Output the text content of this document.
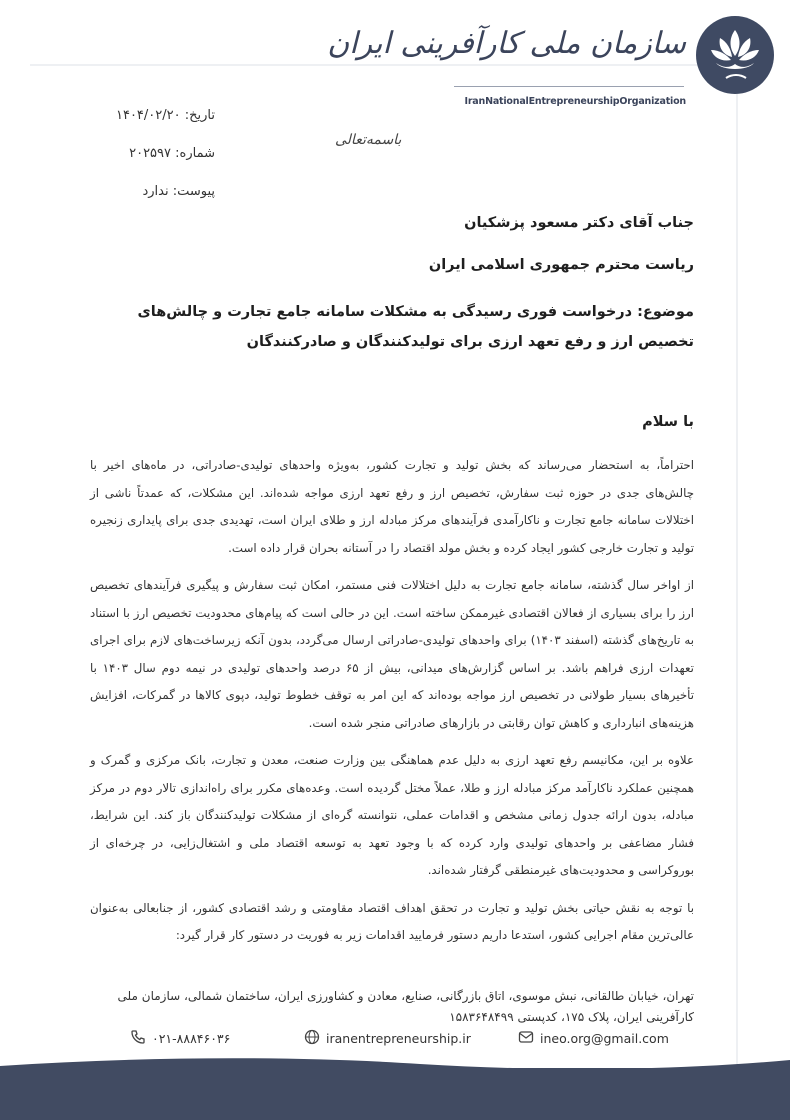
سازمان ملی کارآفرینی ایران
IranNationalEntrepreneurshipOrganization
تاریخ: ۱۴۰۴/۰۲/۲۰
شماره: ۲۰۲۵۹۷
پیوست: ندارد
باسمه‌تعالی
جناب آقای دکتر مسعود پزشکیان
ریاست محترم جمهوری اسلامی ایران
موضوع: درخواست فوری رسیدگی به مشکلات سامانه جامع تجارت و چالش‌های تخصیص ارز و رفع تعهد ارزی برای تولیدکنندگان و صادرکنندگان
با سلام

احتراماً، به استحضار می‌رساند که بخش تولید و تجارت کشور، به‌ویژه واحدهای تولیدی-صادراتی، در ماه‌های اخیر با چالش‌های جدی در حوزه ثبت سفارش، تخصیص ارز و رفع تعهد ارزی مواجه شده‌اند. این مشکلات، که عمدتاً ناشی از اختلالات سامانه جامع تجارت و ناکارآمدی فرآیندهای مرکز مبادله ارز و طلای ایران است، تهدیدی جدی برای پایداری زنجیره تولید و تجارت خارجی کشور ایجاد کرده و بخش مولد اقتصاد را در آستانه بحران قرار داده است.

از اواخر سال گذشته، سامانه جامع تجارت به دلیل اختلالات فنی مستمر، امکان ثبت سفارش و پیگیری فرآیندهای تخصیص ارز را برای بسیاری از فعالان اقتصادی غیرممکن ساخته است. این در حالی است که پیام‌های محدودیت تخصیص ارز با استناد به تاریخ‌های گذشته (اسفند ۱۴۰۳) برای واحدهای تولیدی-صادراتی ارسال می‌گردد، بدون آنکه زیرساخت‌های لازم برای اجرای تعهدات ارزی فراهم باشد. بر اساس گزارش‌های میدانی، بیش از ۶۵ درصد واحدهای تولیدی در نیمه دوم سال ۱۴۰۳ با تأخیرهای بسیار طولانی در تخصیص ارز مواجه بوده‌اند که این امر به توقف خطوط تولید، دپوی کالاها در گمرکات، افزایش هزینه‌های انبارداری و کاهش توان رقابتی در بازارهای صادراتی منجر شده است.

علاوه بر این، مکانیسم رفع تعهد ارزی به دلیل عدم هماهنگی بین وزارت صنعت، معدن و تجارت، بانک مرکزی و گمرک و همچنین عملکرد ناکارآمد مرکز مبادله ارز و طلا، عملاً مختل گردیده است. وعده‌های مکرر برای راه‌اندازی تالار دوم در مرکز مبادله، بدون ارائه جدول زمانی مشخص و اقدامات عملی، نتوانسته گره‌ای از مشکلات تولیدکنندگان باز کند. این شرایط، فشار مضاعفی بر واحدهای تولیدی وارد کرده که با وجود تعهد به توسعه اقتصاد ملی و اشتغال‌زایی، در چرخه‌ای از بوروکراسی و محدودیت‌های غیرمنطقی گرفتار شده‌اند.

با توجه به نقش حیاتی بخش تولید و تجارت در تحقق اهداف اقتصاد مقاومتی و رشد اقتصادی کشور، از جنابعالی به‌عنوان عالی‌ترین مقام اجرایی کشور، استدعا داریم دستور فرمایید اقدامات زیر به فوریت در دستور کار قرار گیرد:

تهران، خیابان طالقانی، نبش موسوی، اتاق بازرگانی، صنایع، معادن و کشاورزی ایران، ساختمان شمالی، سازمان ملی کارآفرینی ایران، پلاک ۱۷۵، کدپستی ۱۵۸۳۶۴۸۴۹۹
۰۲۱-۸۸۸۴۶۰۳۶	iranentrepreneurship.ir	ineo.org@gmail.com
